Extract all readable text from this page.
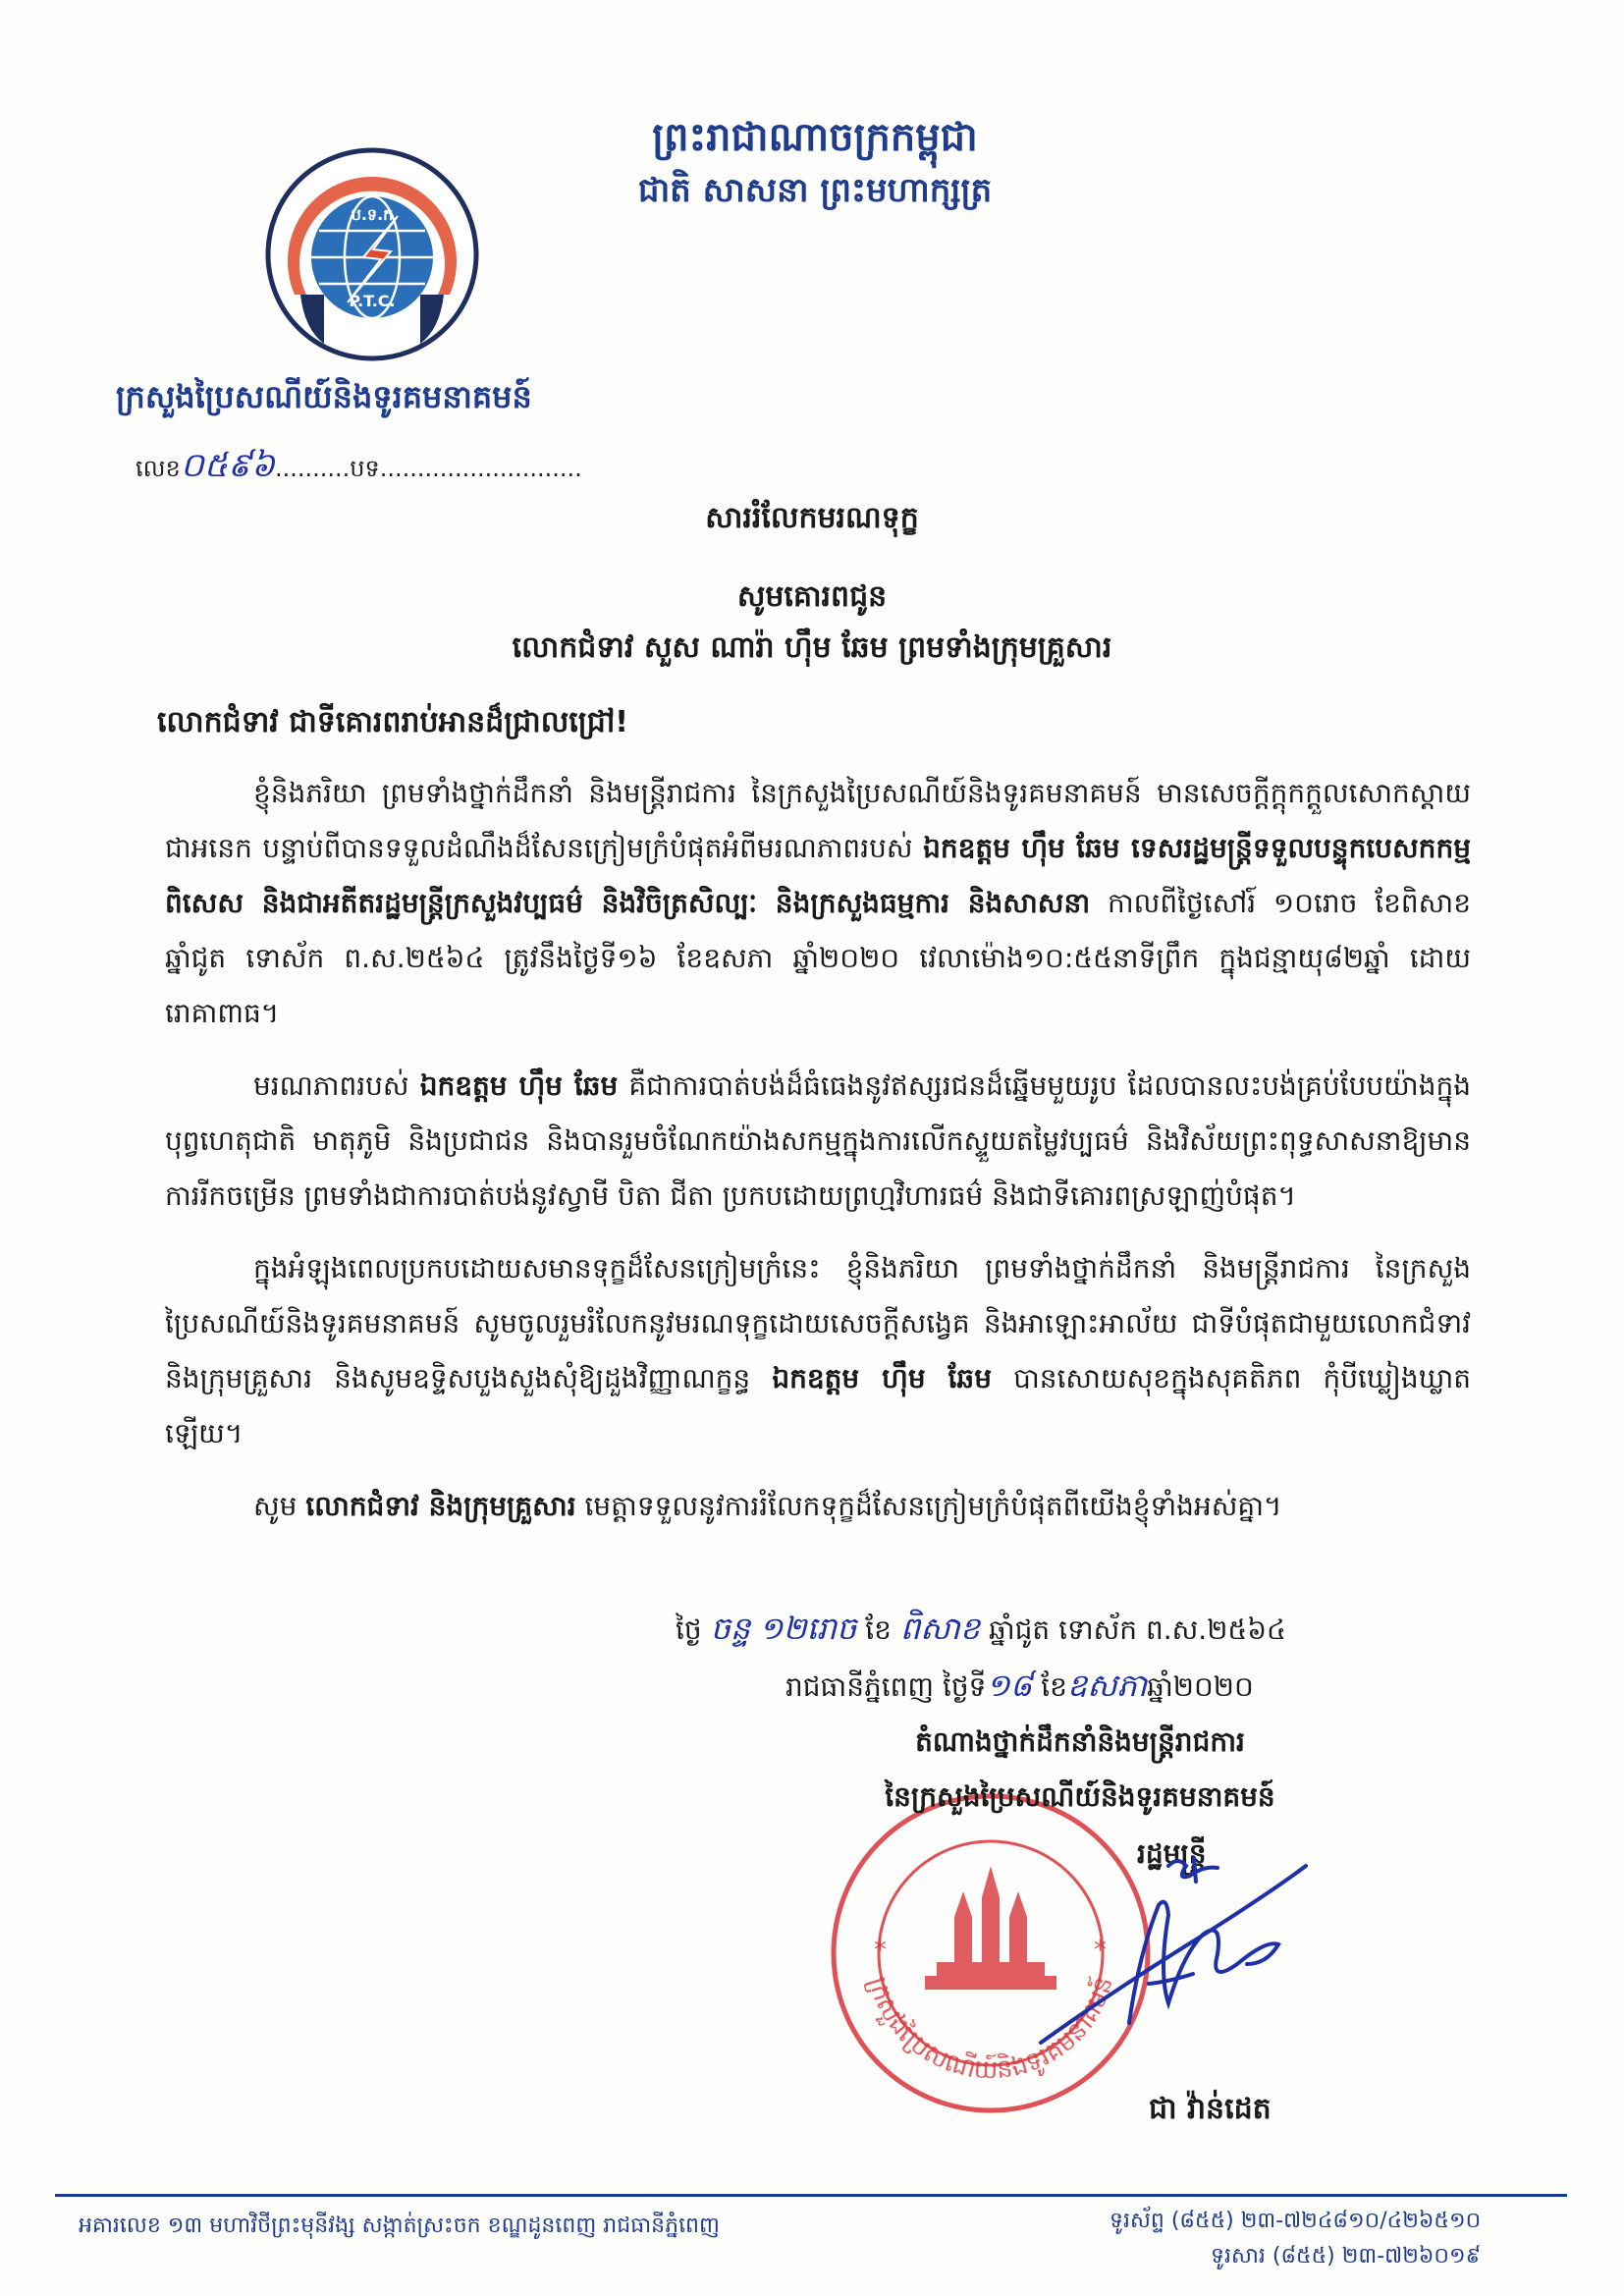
ព្រះរាជាណាចក្រកម្ពុជា
ជាតិ សាសនា ព្រះមហាក្សត្រ
ប.ទ.ក
P.T.C.
ក្រសួងប្រៃសណីយ៍និងទូរគមនាគមន៍
លេខ០៥៩៦..........បទ...........................
សាររំលែកមរណទុក្ខ
សូមគោរពជូន
លោកជំទាវ សួស ណារ៉ា ហ៊ឹម ឆែម ព្រមទាំងក្រុមគ្រួសារ
លោកជំទាវ ជាទីគោរពរាប់អានដ៏ជ្រាលជ្រៅ!

ខ្ញុំនិងភរិយា ព្រមទាំងថ្នាក់ដឹកនាំ និងមន្ត្រីរាជការ នៃក្រសួងប្រៃសណីយ៍និងទូរគមនាគមន៍ មានសេចក្ដីក្ដុកក្ដួលសោកស្ដាយជាអនេក បន្ទាប់ពីបានទទួលដំណឹងដ៏សែនក្រៀមក្រំបំផុតអំពីមរណភាពរបស់ ឯកឧត្តម ហ៊ឹម ឆែម ទេសរដ្ឋមន្ត្រីទទួលបន្ទុកបេសកកម្មពិសេស និងជាអតីតរដ្ឋមន្ត្រីក្រសួងវប្បធម៌ និងវិចិត្រសិល្បៈ និងក្រសួងធម្មការ និងសាសនា កាលពីថ្ងៃសៅរ៍ ១០រោច ខែពិសាខ ឆ្នាំជូត ទោស័ក ព.ស.២៥៦៤ ត្រូវនឹងថ្ងៃទី១៦ ខែឧសភា ឆ្នាំ២០២០ វេលាម៉ោង១០:៥៥នាទីព្រឹក ក្នុងជន្មាយុ៨២ឆ្នាំ ដោយរោគាពាធ។

មរណភាពរបស់ ឯកឧត្តម ហ៊ឹម ឆែម គឺជាការបាត់បង់ដ៏ធំធេងនូវឥស្សរជនដ៏ឆ្នើមមួយរូប ដែលបានលះបង់គ្រប់បែបយ៉ាងក្នុងបុព្វហេតុជាតិ មាតុភូមិ និងប្រជាជន និងបានរួមចំណែកយ៉ាងសកម្មក្នុងការលើកស្ទួយតម្លៃវប្បធម៌ និងវិស័យព្រះពុទ្ធសាសនាឱ្យមានការរីកចម្រើន ព្រមទាំងជាការបាត់បង់នូវស្វាមី បិតា ជីតា ប្រកបដោយព្រហ្មវិហារធម៌ និងជាទីគោរពស្រឡាញ់បំផុត។

ក្នុងអំឡុងពេលប្រកបដោយសមានទុក្ខដ៏សែនក្រៀមក្រំនេះ ខ្ញុំនិងភរិយា ព្រមទាំងថ្នាក់ដឹកនាំ និងមន្ត្រីរាជការ នៃក្រសួងប្រៃសណីយ៍និងទូរគមនាគមន៍ សូមចូលរួមរំលែកនូវមរណទុក្ខដោយសេចក្ដីសង្វេគ និងអាឡោះអាល័យ ជាទីបំផុតជាមួយលោកជំទាវ និងក្រុមគ្រួសារ និងសូមឧទ្ទិសបួងសួងសុំឱ្យដួងវិញ្ញាណក្ខន្ធ ឯកឧត្តម ហ៊ឹម ឆែម បានសោយសុខក្នុងសុគតិភព កុំបីឃ្លៀងឃ្លាតឡើយ។

សូម លោកជំទាវ និងក្រុមគ្រួសារ មេត្តាទទួលនូវការរំលែកទុក្ខដ៏សែនក្រៀមក្រំបំផុតពីយើងខ្ញុំទាំងអស់គ្នា។

ថ្ងៃ ចន្ទ ១២រោច ខែ ពិសាខ ឆ្នាំជូត ទោស័ក ព.ស.២៥៦៤
រាជធានីភ្នំពេញ ថ្ងៃទី១៨ ខែឧសភាឆ្នាំ២០២០
*	*
ក្រសួងប្រៃសណីយ៍និងទូរគមនាគមន៍
តំណាងថ្នាក់ដឹកនាំនិងមន្ត្រីរាជការ
នៃក្រសួងប្រៃសណីយ៍និងទូរគមនាគមន៍
រដ្ឋមន្ត្រី
ជា វ៉ាន់ដេត
អគារលេខ ១៣ មហាវិថីព្រះមុនីវង្ស សង្កាត់ស្រះចក ខណ្ឌដូនពេញ រាជធានីភ្នំពេញ	ទូរស័ព្ទ (៨៥៥) ២៣-៧២៤៨១០/៤២៦៥១០
ទូរសារ (៨៥៥) ២៣-៧២៦០១៩
